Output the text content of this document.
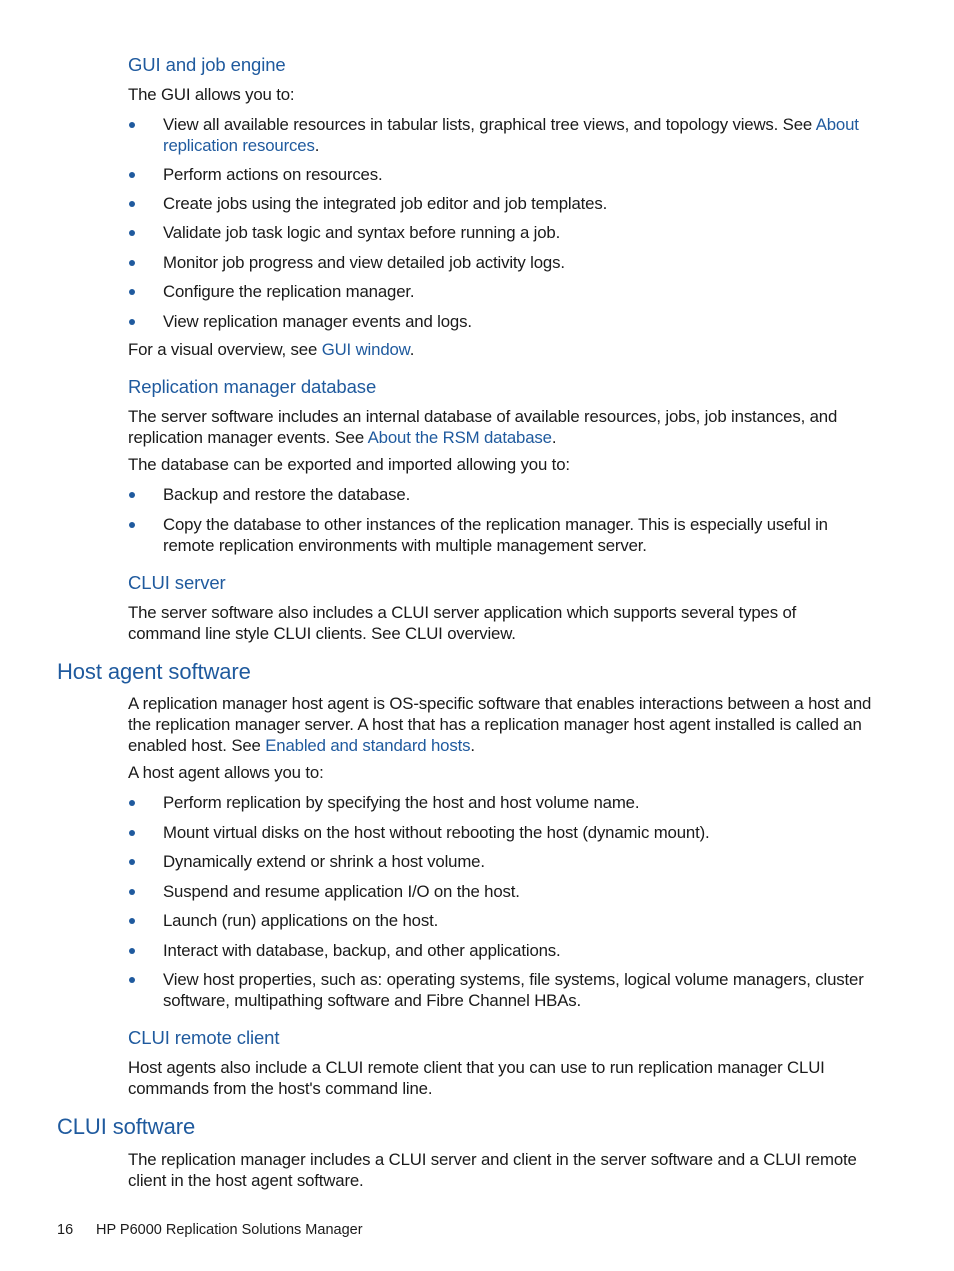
GUI and job engine

The GUI allows you to:

View all available resources in tabular lists, graphical tree views, and topology views. See About replication resources.
Perform actions on resources.
Create jobs using the integrated job editor and job templates.
Validate job task logic and syntax before running a job.
Monitor job progress and view detailed job activity logs.
Configure the replication manager.
View replication manager events and logs.

For a visual overview, see GUI window.

Replication manager database

The server software includes an internal database of available resources, jobs, job instances, and replication manager events. See About the RSM database.

The database can be exported and imported allowing you to:

Backup and restore the database.
Copy the database to other instances of the replication manager. This is especially useful in remote replication environments with multiple management server.
CLUI server

The server software also includes a CLUI server application which supports several types of command line style CLUI clients. See CLUI overview.

Host agent software

A replication manager host agent is OS-specific software that enables interactions between a host and the replication manager server. A host that has a replication manager host agent installed is called an enabled host. See Enabled and standard hosts.

A host agent allows you to:

Perform replication by specifying the host and host volume name.
Mount virtual disks on the host without rebooting the host (dynamic mount).
Dynamically extend or shrink a host volume.
Suspend and resume application I/O on the host.
Launch (run) applications on the host.
Interact with database, backup, and other applications.
View host properties, such as: operating systems, file systems, logical volume managers, cluster software, multipathing software and Fibre Channel HBAs.
CLUI remote client

Host agents also include a CLUI remote client that you can use to run replication manager CLUI commands from the host's command line.

CLUI software

The replication manager includes a CLUI server and client in the server software and a CLUI remote client in the host agent software.

16 HP P6000 Replication Solutions Manager
